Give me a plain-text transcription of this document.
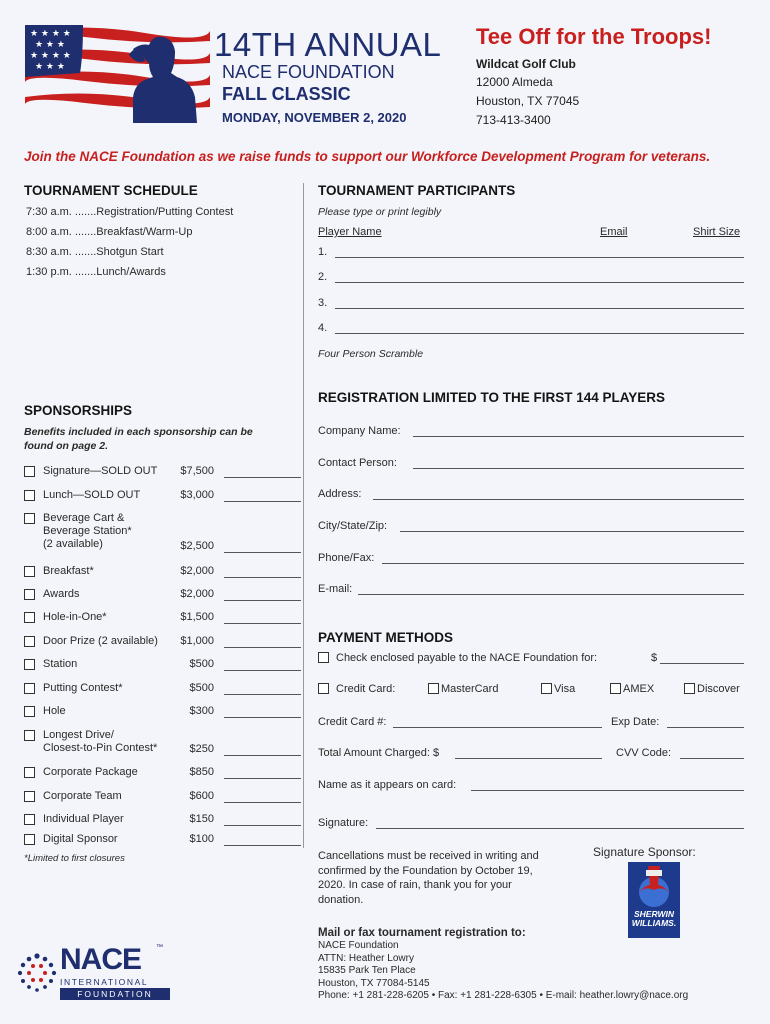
★ ★ ★ ★
★ ★ ★
★ ★ ★ ★
★ ★ ★
14TH ANNUAL
NACE FOUNDATION
FALL CLASSIC
MONDAY, NOVEMBER 2, 2020
Tee Off for the Troops!
Wildcat Golf Club
12000 Almeda
Houston, TX 77045
713-413-3400
Join the NACE Foundation as we raise funds to support our Workforce Development Program for veterans.
TOURNAMENT SCHEDULE
7:30 a.m. .......Registration/Putting Contest
8:00 a.m. .......Breakfast/Warm-Up
8:30 a.m. .......Shotgun Start
1:30 p.m. .......Lunch/Awards
SPONSORSHIPS
Benefits included in each sponsorship can be found on page 2.
Signature—SOLD OUT $7,500
Lunch—SOLD OUT	$3,000
Beverage Cart &
Beverage Station*
(2 available)	$2,500
Breakfast*	$2,000
Awards	$2,000
Hole-in-One*	$1,500
Door Prize (2 available) $1,000
Station	$500
Putting Contest*	$500
Hole	$300
Longest Drive/
Closest-to-Pin Contest*	$250
Corporate Package	$850
Corporate Team	$600
Individual Player	$150
Digital Sponsor	$100
*Limited to first closures
TOURNAMENT PARTICIPANTS
Please type or print legibly
Player Name	Email	Shirt Size
1.
2.
3.
4.
Four Person Scramble
REGISTRATION LIMITED TO THE FIRST 144 PLAYERS
Company Name:
Contact Person:
Address:
City/State/Zip:
Phone/Fax:
E-mail:
PAYMENT METHODS
Check enclosed payable to the NACE Foundation for:	$
Credit Card:	MasterCard	Visa	AMEX	Discover
Credit Card #:	Exp Date:
Total Amount Charged: $	CVV Code:
Name as it appears on card:
Signature:
Cancellations must be received in writing and confirmed by the Foundation by October 19, 2020. In case of rain, thank you for your donation.
Signature Sponsor:
SHERWIN
WILLIAMS.
Mail or fax tournament registration to:
NACE Foundation
ATTN: Heather Lowry
15835 Park Ten Place
Houston, TX 77084-5145
Phone: +1 281-228-6205 • Fax: +1 281-228-6305 • E-mail: heather.lowry@nace.org
NACE ™
INTERNATIONAL
FOUNDATION
